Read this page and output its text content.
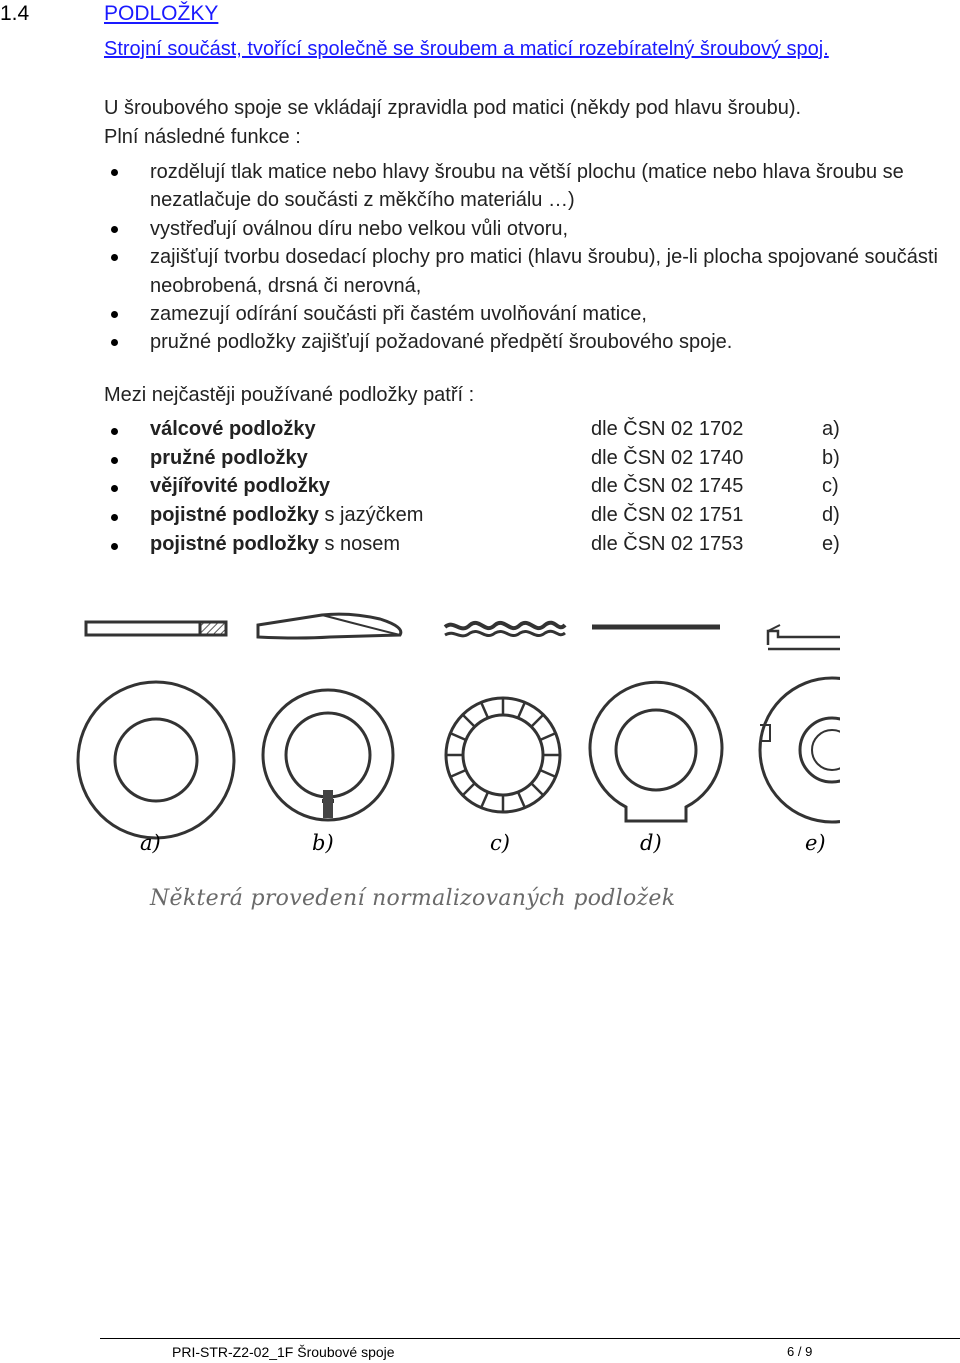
1.4	PODLOŽKY
Strojní součást, tvořící společně se šroubem a maticí rozebíratelný šroubový spoj.
U šroubového spoje se vkládají zpravidla pod matici (někdy pod hlavu šroubu).
Plní následné funkce :
rozdělují tlak matice nebo hlavy šroubu na větší plochu (matice nebo hlava šroubu se nezatlačuje do součásti z měkčího materiálu …)
vystřeďují oválnou díru nebo velkou vůli otvoru,
zajišťují tvorbu dosedací plochy pro matici (hlavu šroubu), je-li plocha spojované součásti neobrobená, drsná či nerovná,
zamezují odírání součásti při častém uvolňování matice,
pružné podložky zajišťují požadované předpětí šroubového spoje.
Mezi nejčastěji používané podložky patří :
válcové podložky	dle ČSN 02 1702	a)
pružné podložky	dle ČSN 02 1740	b)
vějířovité podložky	dle ČSN 02 1745	c)
pojistné podložky s jazýčkem	dle ČSN 02 1751	d)
pojistné podložky s nosem	dle ČSN 02 1753	e)
a)	b)	c)	d)	e)
Některá provedení normalizovaných podložek
PRI-STR-Z2-02_1F Šroubové spoje	6 / 9
